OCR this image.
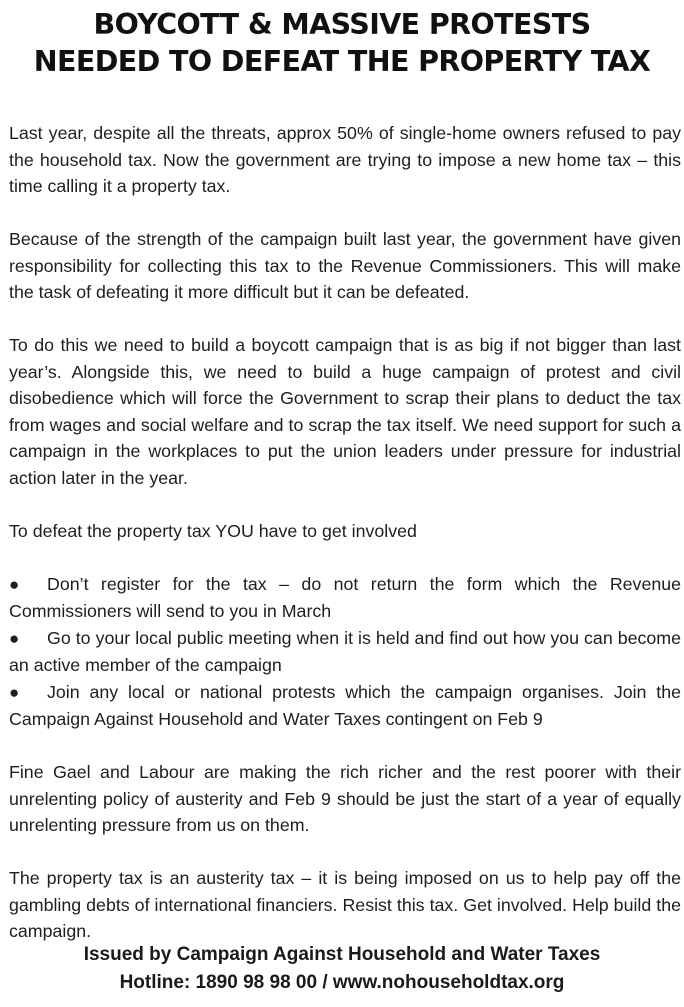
BOYCOTT & MASSIVE PROTESTS
NEEDED TO DEFEAT THE PROPERTY TAX

Last year, despite all the threats, approx 50% of single-home owners refused to pay the household tax. Now the government are trying to impose a new home tax – this time calling it a property tax.

Because of the strength of the campaign built last year, the government have given responsibility for collecting this tax to the Revenue Commissioners. This will make the task of defeating it more difficult but it can be defeated.

To do this we need to build a boycott campaign that is as big if not bigger than last year’s. Alongside this, we need to build a huge campaign of protest and civil disobedience which will force the Government to scrap their plans to deduct the tax from wages and social welfare and to scrap the tax itself. We need support for such a campaign in the workplaces to put the union leaders under pressure for industrial action later in the year.

To defeat the property tax YOU have to get involved

● Don’t register for the tax – do not return the form which the Revenue Commissioners will send to you in March
● Go to your local public meeting when it is held and find out how you can become an active member of the campaign
● Join any local or national protests which the campaign organises. Join the Campaign Against Household and Water Taxes contingent on Feb 9

Fine Gael and Labour are making the rich richer and the rest poorer with their unrelenting policy of austerity and Feb 9 should be just the start of a year of equally unrelenting pressure from us on them.

The property tax is an austerity tax – it is being imposed on us to help pay off the gambling debts of international financiers. Resist this tax. Get involved. Help build the campaign.

Issued by Campaign Against Household and Water Taxes
Hotline: 1890 98 98 00 / www.nohouseholdtax.org
